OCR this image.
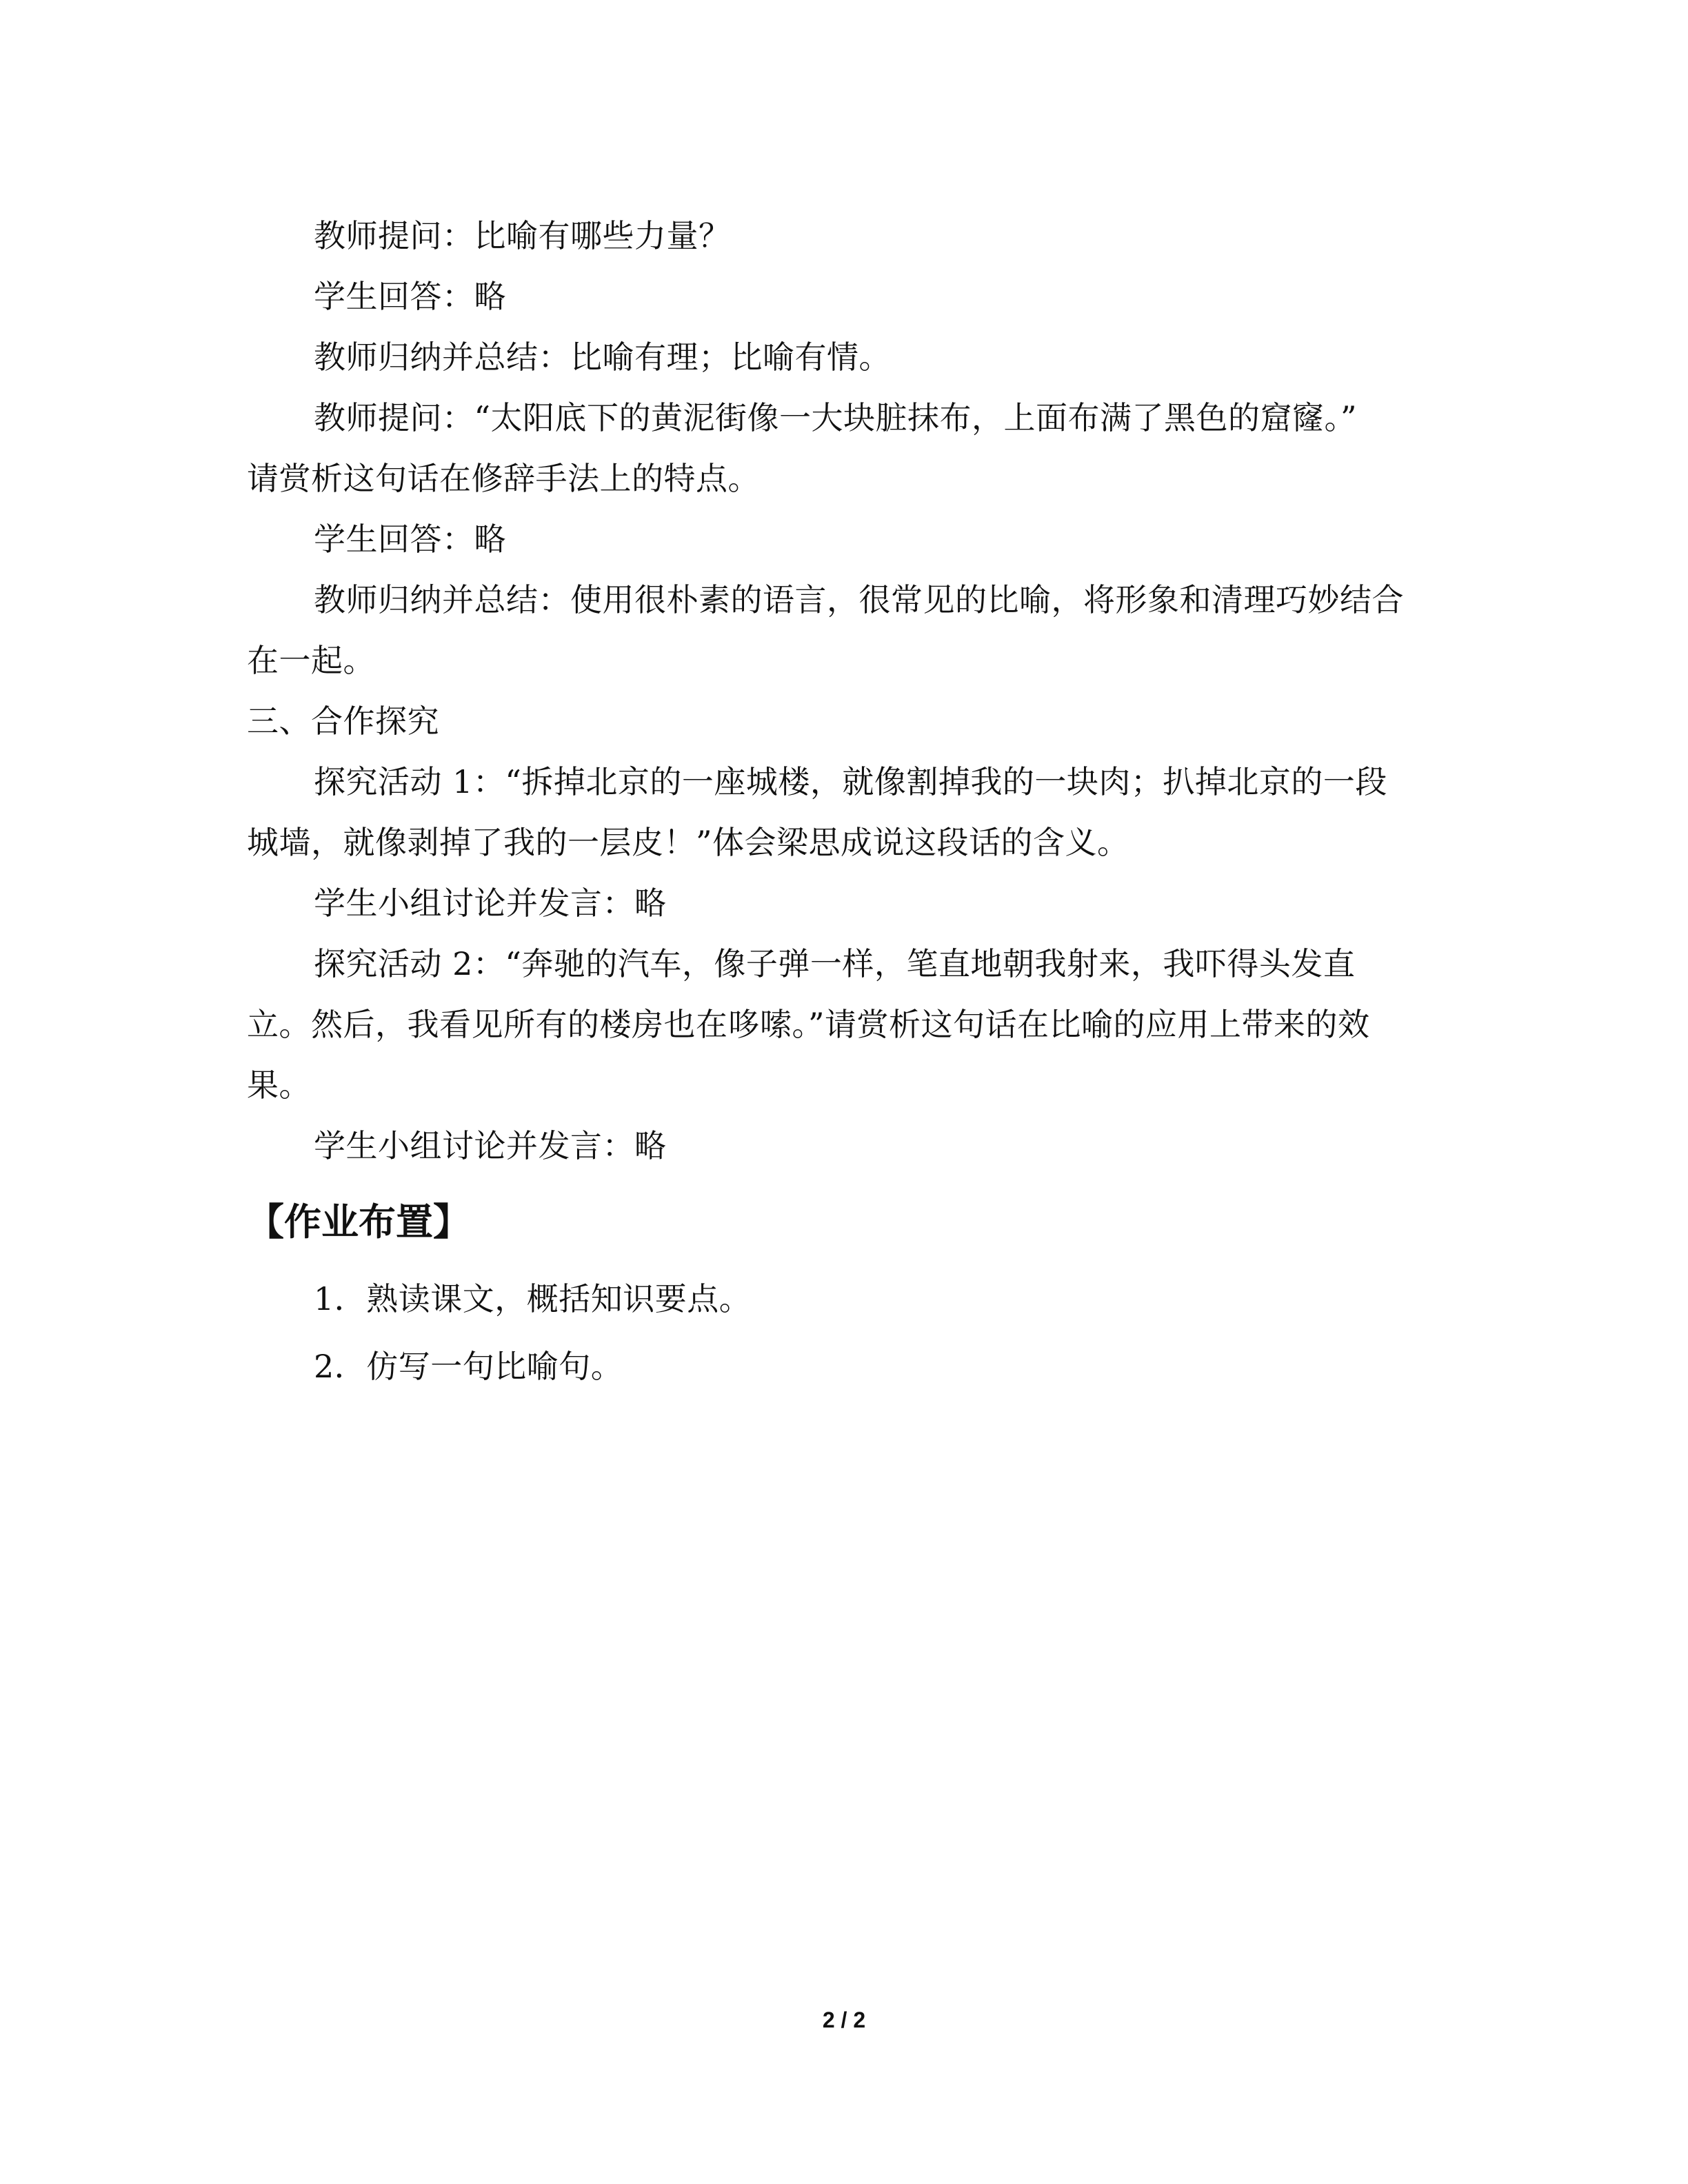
教师提问：比喻有哪些力量？
学生回答：略
教师归纳并总结：比喻有理；比喻有情。
教师提问：“太阳底下的黄泥街像一大块脏抹布，上面布满了黑色的窟窿。”
请赏析这句话在修辞手法上的特点。
学生回答：略
教师归纳并总结：使用很朴素的语言，很常见的比喻，将形象和清理巧妙结合
在一起。
三、合作探究
探究活动 1：“拆掉北京的一座城楼，就像割掉我的一块肉；扒掉北京的一段
城墙，就像剥掉了我的一层皮！”体会梁思成说这段话的含义。
学生小组讨论并发言：略
探究活动 2：“奔驰的汽车，像子弹一样，笔直地朝我射来，我吓得头发直
立。然后，我看见所有的楼房也在哆嗦。”请赏析这句话在比喻的应用上带来的效
果。
学生小组讨论并发言：略
【作业布置】
1．熟读课文，概括知识要点。
2．仿写一句比喻句。
2 / 2
